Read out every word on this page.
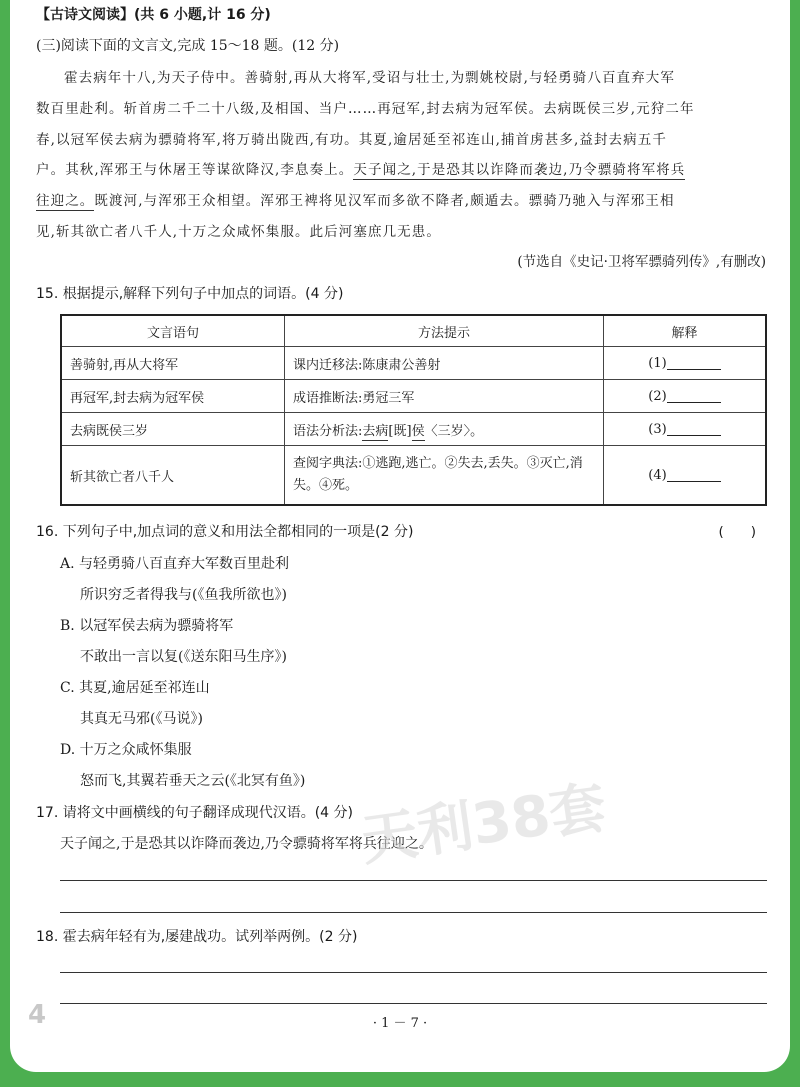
【古诗文阅读】(共 6 小题,计 16 分)
(三)阅读下面的文言文,完成 15～18 题。(12 分)
霍去病年十八,为天子侍中。善骑射,再从大将军,受诏与壮士,为剽姚校尉,与轻勇骑八百直弃大军
数百里赴利。斩首虏二千二十八级,及相国、当户……再冠军,封去病为冠军侯。去病既侯三岁,元狩二年
春,以冠军侯去病为骠骑将军,将万骑出陇西,有功。其夏,逾居延至祁连山,捕首虏甚多,益封去病五千
户。其秋,浑邪王与休屠王等谋欲降汉,李息奏上。天子闻之,于是恐其以诈降而袭边,乃令骠骑将军将兵
往迎之。既渡河,与浑邪王众相望。浑邪王裨将见汉军而多欲不降者,颇遁去。骠骑乃驰入与浑邪王相
见,斩其欲亡者八千人,十万之众咸怀集服。此后河塞庶几无患。
(节选自《史记·卫将军骠骑列传》,有删改)
15. 根据提示,解释下列句子中加点的词语。(4 分)
文言语句	方法提示	解释
善骑射,再从大将军	课内迁移法:陈康肃公善射	(1)
再冠军,封去病为冠军侯	成语推断法:勇冠三军	(2)
去病既侯三岁	语法分析法:去病[既]侯〈三岁〉。	(3)
斩其欲亡者八千人	查阅字典法:①逃跑,逃亡。②失去,丢失。③灭亡,消失。④死。	(4)
16. 下列句子中,加点词的意义和用法全都相同的一项是(2 分)	(　　)
A. 与轻勇骑八百直弃大军数百里赴利
所识穷乏者得我与(《鱼我所欲也》)
B. 以冠军侯去病为骠骑将军
不敢出一言以复(《送东阳马生序》)
C. 其夏,逾居延至祁连山
其真无马邪(《马说》)
D. 十万之众咸怀集服
怒而飞,其翼若垂天之云(《北冥有鱼》)
17. 请将文中画横线的句子翻译成现代汉语。(4 分)
天子闻之,于是恐其以诈降而袭边,乃令骠骑将军将兵往迎之。
18. 霍去病年轻有为,屡建战功。试列举两例。(2 分)
天利38套
4	· 1 － 7 ·
